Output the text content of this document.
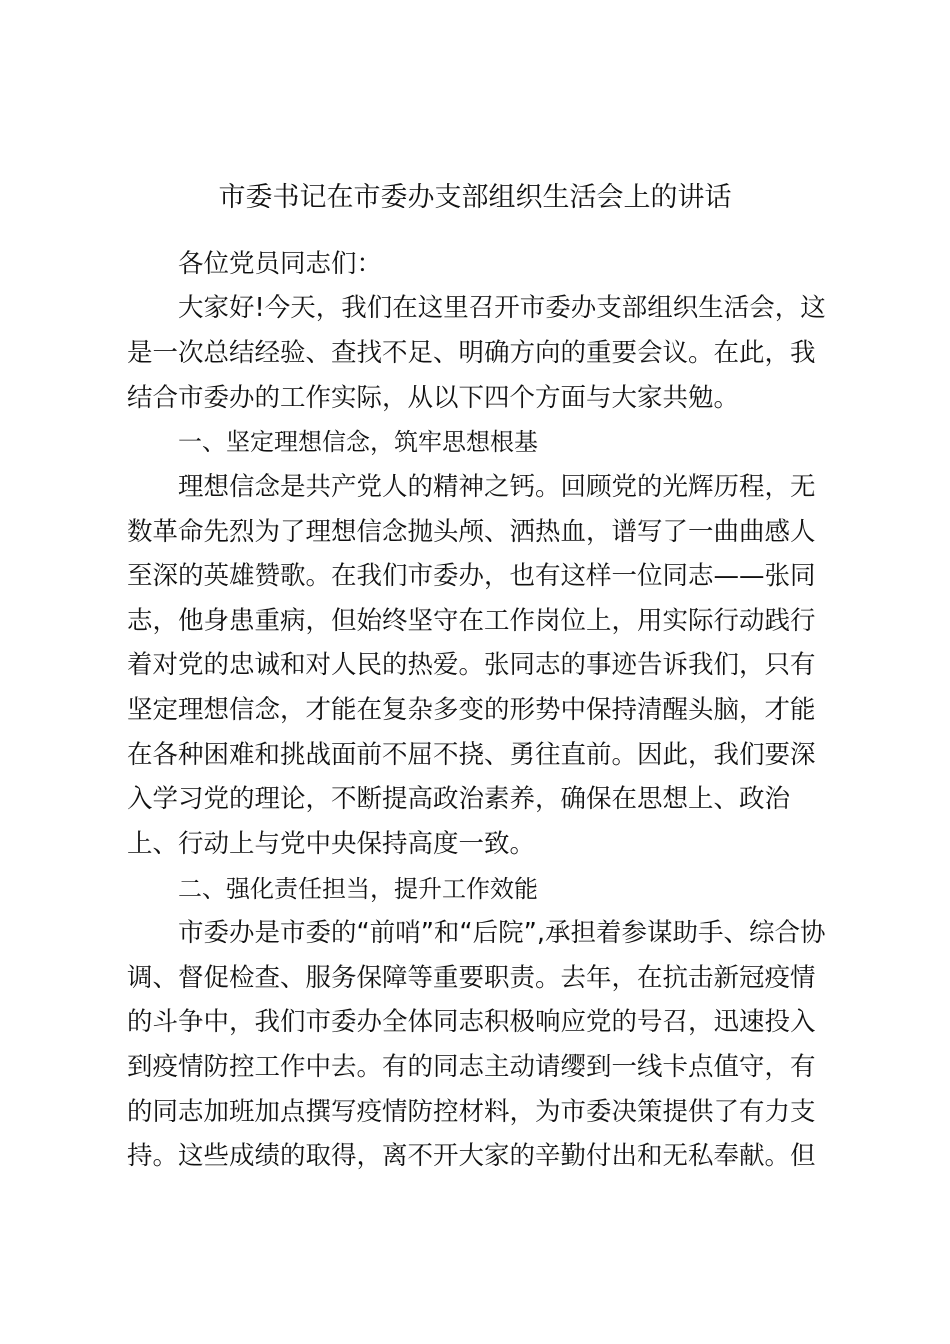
市委书记在市委办支部组织生活会上的讲话

各位党员同志们：

大家好!今天，我们在这里召开市委办支部组织生活会，这

是一次总结经验、查找不足、明确方向的重要会议。在此，我

结合市委办的工作实际，从以下四个方面与大家共勉。

一、坚定理想信念，筑牢思想根基

理想信念是共产党人的精神之钙。回顾党的光辉历程，无

数革命先烈为了理想信念抛头颅、洒热血，谱写了一曲曲感人

至深的英雄赞歌。在我们市委办，也有这样一位同志——张同

志，他身患重病，但始终坚守在工作岗位上，用实际行动践行

着对党的忠诚和对人民的热爱。张同志的事迹告诉我们，只有

坚定理想信念，才能在复杂多变的形势中保持清醒头脑，才能

在各种困难和挑战面前不屈不挠、勇往直前。因此，我们要深

入学习党的理论，不断提高政治素养，确保在思想上、政治

上、行动上与党中央保持高度一致。

二、强化责任担当，提升工作效能

市委办是市委的“前哨”和“后院”,承担着参谋助手、综合协

调、督促检查、服务保障等重要职责。去年，在抗击新冠疫情

的斗争中，我们市委办全体同志积极响应党的号召，迅速投入

到疫情防控工作中去。有的同志主动请缨到一线卡点值守，有

的同志加班加点撰写疫情防控材料，为市委决策提供了有力支

持。这些成绩的取得，离不开大家的辛勤付出和无私奉献。但
